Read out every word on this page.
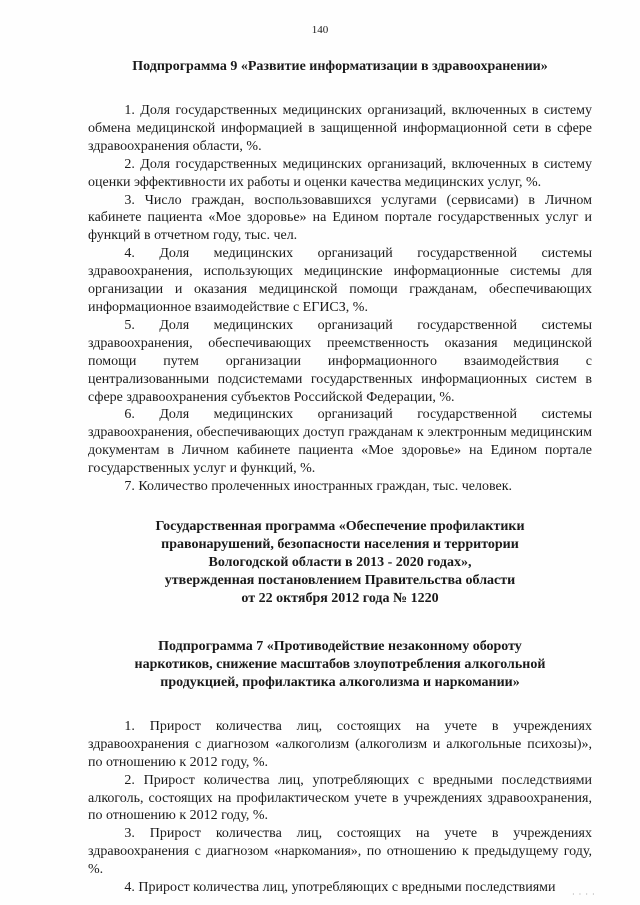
140
Подпрограмма 9 «Развитие информатизации в здравоохранении»

1. Доля государственных медицинских организаций, включенных в систему обмена медицинской информацией в защищенной информационной сети в сфере здравоохранения области, %.

2. Доля государственных медицинских организаций, включенных в систему оценки эффективности их работы и оценки качества медицинских услуг, %.

3. Число граждан, воспользовавшихся услугами (сервисами) в Личном кабинете пациента «Мое здоровье» на Едином портале государственных услуг и функций в отчетном году, тыс. чел.

4. Доля медицинских организаций государственной системы здравоохранения, использующих медицинские информационные системы для организации и оказания медицинской помощи гражданам, обеспечивающих информационное взаимодействие с ЕГИСЗ, %.

5. Доля медицинских организаций государственной системы здравоохранения, обеспечивающих преемственность оказания медицинской помощи путем организации информационного взаимодействия с централизованными подсистемами государственных информационных систем в сфере здравоохранения субъектов Российской Федерации, %.

6. Доля медицинских организаций государственной системы здравоохранения, обеспечивающих доступ гражданам к электронным медицинским документам в Личном кабинете пациента «Мое здоровье» на Едином портале государственных услуг и функций, %.

7. Количество пролеченных иностранных граждан, тыс. человек.

Государственная программа «Обеспечение профилактики
правонарушений, безопасности населения и территории
Вологодской области в 2013 - 2020 годах»,
утвержденная постановлением Правительства области
от 22 октября 2012 года № 1220
Подпрограмма 7 «Противодействие незаконному обороту
наркотиков, снижение масштабов злоупотребления алкогольной
продукцией, профилактика алкоголизма и наркомании»

1. Прирост количества лиц, состоящих на учете в учреждениях здравоохранения с диагнозом «алкоголизм (алкоголизм и алкогольные психозы)», по отношению к 2012 году, %.

2. Прирост количества лиц, употребляющих с вредными последствиями алкоголь, состоящих на профилактическом учете в учреждениях здравоохранения, по отношению к 2012 году, %.

3. Прирост количества лиц, состоящих на учете в учреждениях здравоохранения с диагнозом «наркомания», по отношению к предыдущему году, %.

4. Прирост количества лиц, употребляющих с вредными последствиями	· · · ·
